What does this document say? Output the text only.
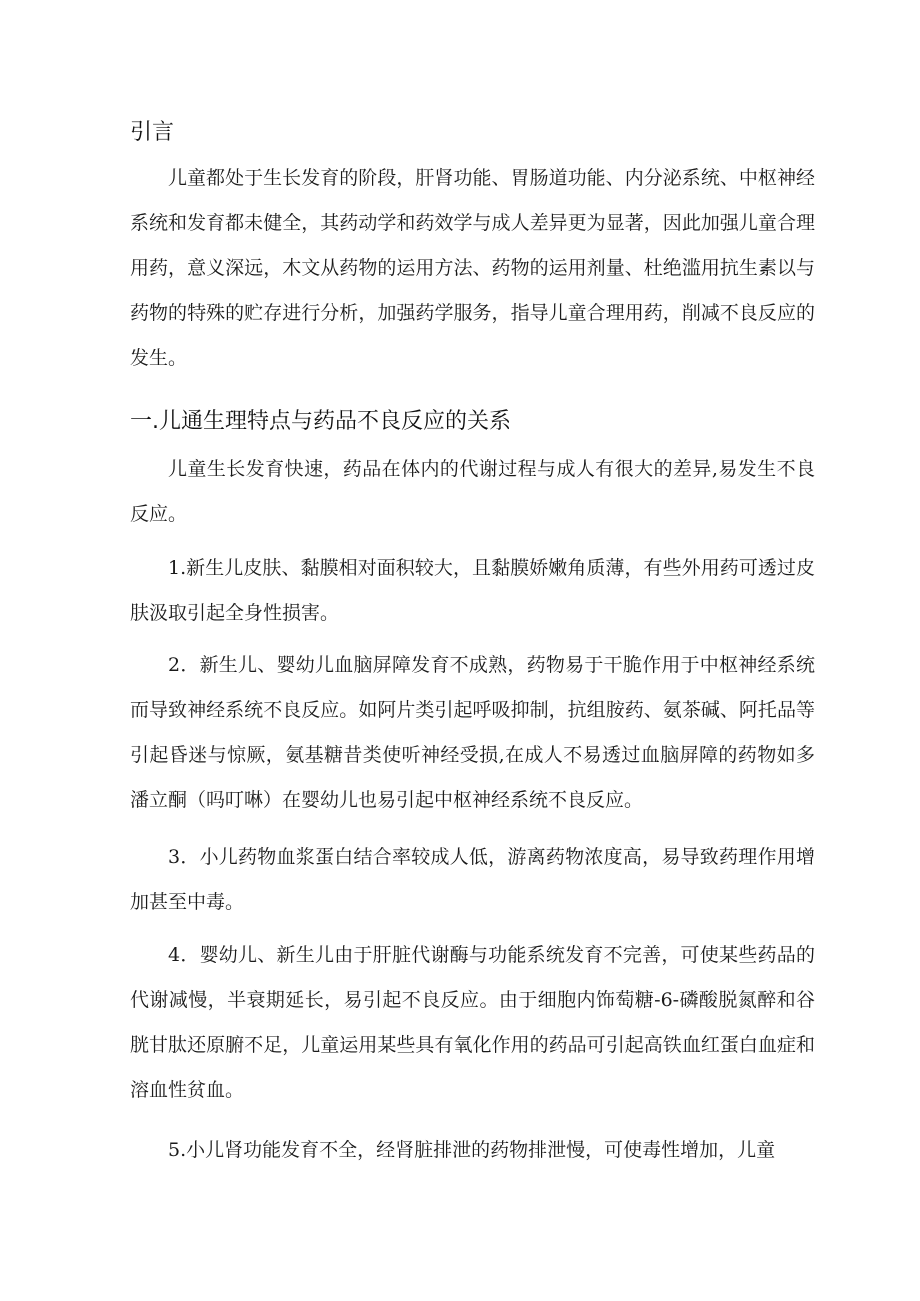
引言

儿童都处于生长发育的阶段，肝肾功能、胃肠道功能、内分泌系统、中枢神经系统和发育都未健全，其药动学和药效学与成人差异更为显著，因此加强儿童合理用药，意义深远，木文从药物的运用方法、药物的运用剂量、杜绝滥用抗生素以与药物的特殊的贮存进行分析，加强药学服务，指导儿童合理用药，削减不良反应的发生。

一.儿通生理特点与药品不良反应的关系

儿童生长发育快速，药品在体内的代谢过程与成人有很大的差异,易发生不良反应。

1.新生儿皮肤、黏膜相对面积较大，且黏膜娇嫩角质薄，有些外用药可透过皮肤汲取引起全身性损害。

2．新生儿、婴幼儿血脑屏障发育不成熟，药物易于干脆作用于中枢神经系统而导致神经系统不良反应。如阿片类引起呼吸抑制，抗组胺药、氨茶碱、阿托品等引起昏迷与惊厥，氨基糖昔类使听神经受损,在成人不易透过血脑屏障的药物如多潘立酮（吗叮啉）在婴幼儿也易引起中枢神经系统不良反应。

3．小儿药物血浆蛋白结合率较成人低，游离药物浓度高，易导致药理作用增加甚至中毒。

4．婴幼儿、新生儿由于肝脏代谢酶与功能系统发育不完善，可使某些药品的代谢减慢，半衰期延长，易引起不良反应。由于细胞内饰萄糖-6-磷酸脱氮醉和谷胱甘肽还原腑不足，儿童运用某些具有氧化作用的药品可引起高铁血红蛋白血症和溶血性贫血。

5.小儿肾功能发育不全，经肾脏排泄的药物排泄慢，可使毒性增加，儿童
